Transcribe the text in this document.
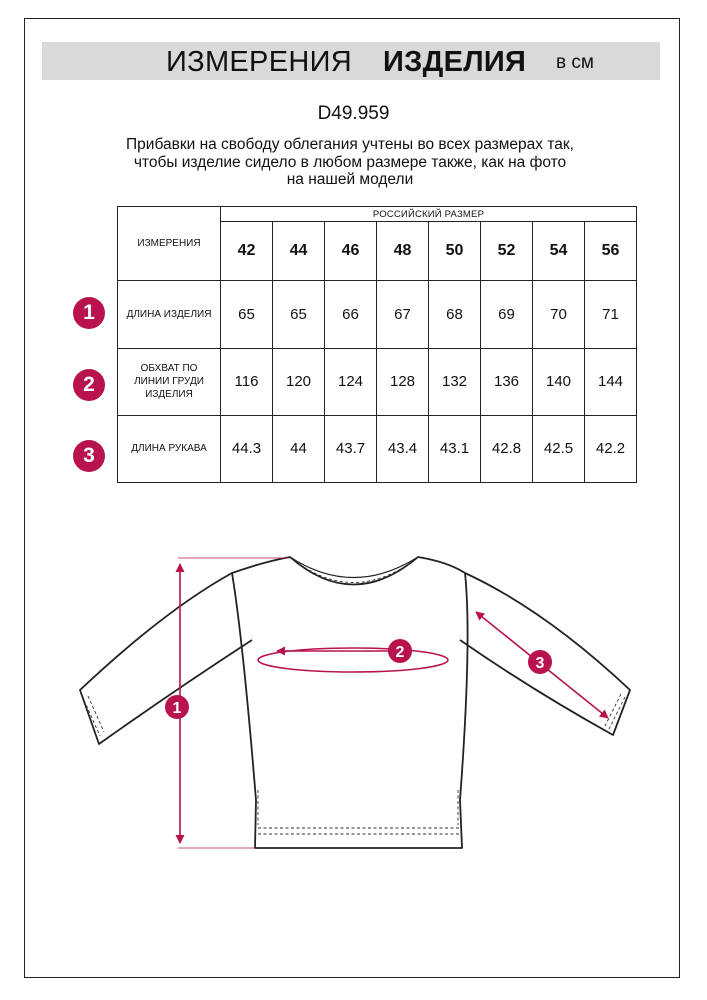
ИЗМЕРЕНИЯ ИЗДЕЛИЯ в см
D49.959
Прибавки на свободу облегания учтены во всех размерах так,
чтобы изделие сидело в любом размере также, как на фото
на нашей модели
ИЗМЕРЕНИЯ	РОССИЙСКИЙ РАЗМЕР							
	42	44	46	48	50	52	54	56
ДЛИНА ИЗДЕЛИЯ	65	65	66	67	68	69	70	71
ОБХВАТ ПО
ЛИНИИ ГРУДИ
ИЗДЕЛИЯ	116	120	124	128	132	136	140	144
ДЛИНА РУКАВА	44.3	44	43.7	43.4	43.1	42.8	42.5	42.2
1
2
3
1
2
3
